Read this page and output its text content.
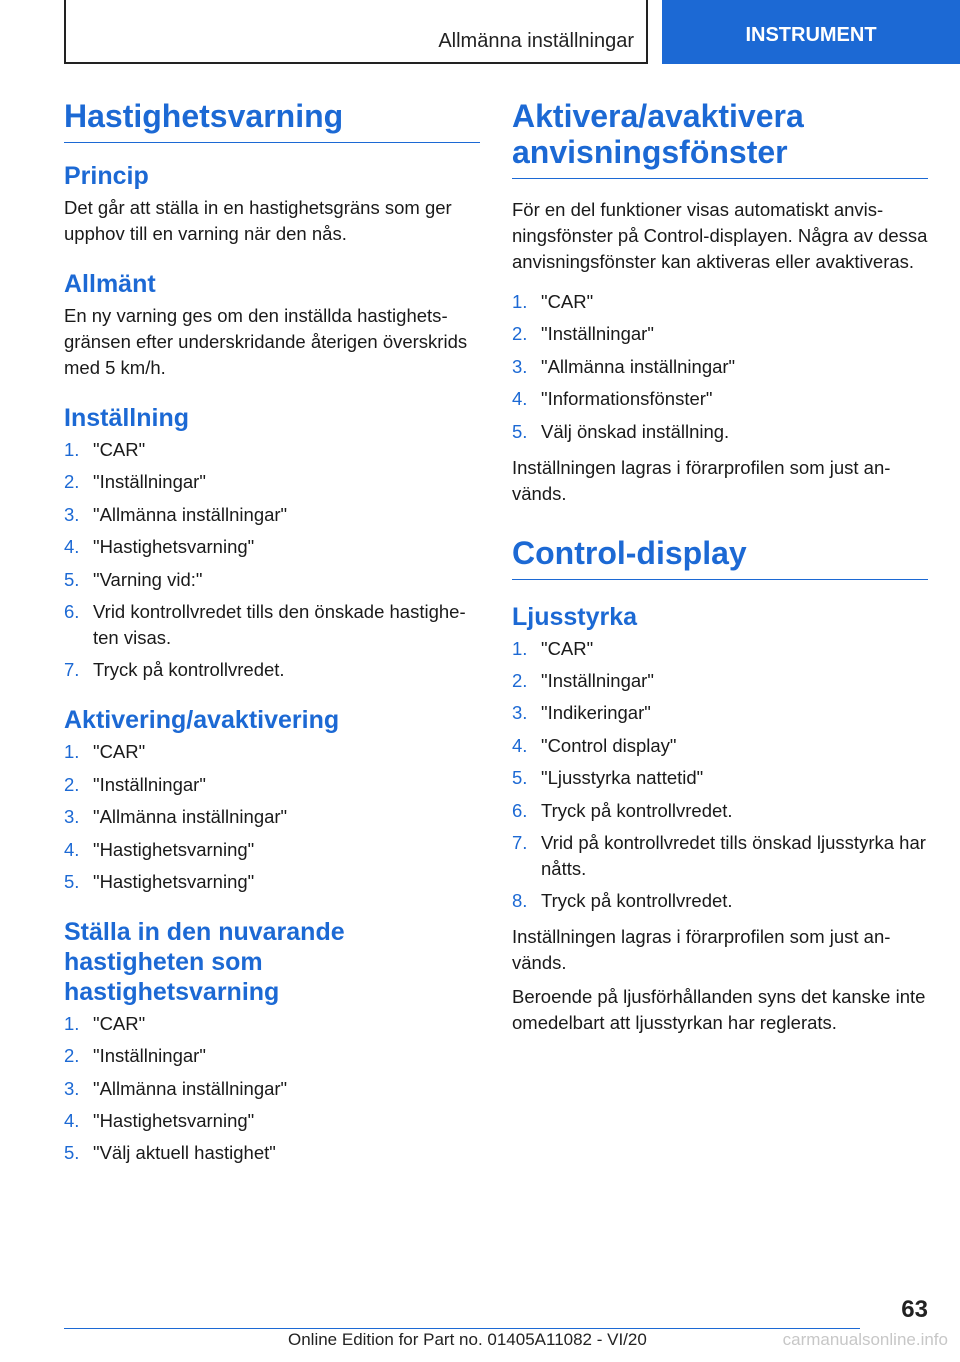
Allmänna inställningar	INSTRUMENT
Hastighetsvarning
Princip

Det går att ställa in en hastighetsgräns som ger upphov till en varning när den nås.

Allmänt

En ny varning ges om den inställda hastighetsgränsen efter underskridande återigen överskrids med 5 km/h.

Inställning
1. "CAR"
2. "Inställningar"
3. "Allmänna inställningar"
4. "Hastighetsvarning"
5. "Varning vid:"
6. Vrid kontrollvredet tills den önskade hastigheten visas.
7. Tryck på kontrollvredet.
Aktivering/avaktivering
1. "CAR"
2. "Inställningar"
3. "Allmänna inställningar"
4. "Hastighetsvarning"
5. "Hastighetsvarning"
Ställa in den nuvarande hastigheten som hastighetsvarning
1. "CAR"
2. "Inställningar"
3. "Allmänna inställningar"
4. "Hastighetsvarning"
5. "Välj aktuell hastighet"
Aktivera/avaktivera anvisningsfönster

För en del funktioner visas automatiskt anvisningsfönster på Control-displayen. Några av dessa anvisningsfönster kan aktiveras eller avaktiveras.

1. "CAR"
2. "Inställningar"
3. "Allmänna inställningar"
4. "Informationsfönster"
5. Välj önskad inställning.

Inställningen lagras i förarprofilen som just används.

Control-display
Ljusstyrka
1. "CAR"
2. "Inställningar"
3. "Indikeringar"
4. "Control display"
5. "Ljusstyrka nattetid"
6. Tryck på kontrollvredet.
7. Vrid på kontrollvredet tills önskad ljusstyrka har nåtts.
8. Tryck på kontrollvredet.

Inställningen lagras i förarprofilen som just används.

Beroende på ljusförhållanden syns det kanske inte omedelbart att ljusstyrkan har reglerats.

63
Online Edition for Part no. 01405A11082 - VI/20	carmanualsonline.info
